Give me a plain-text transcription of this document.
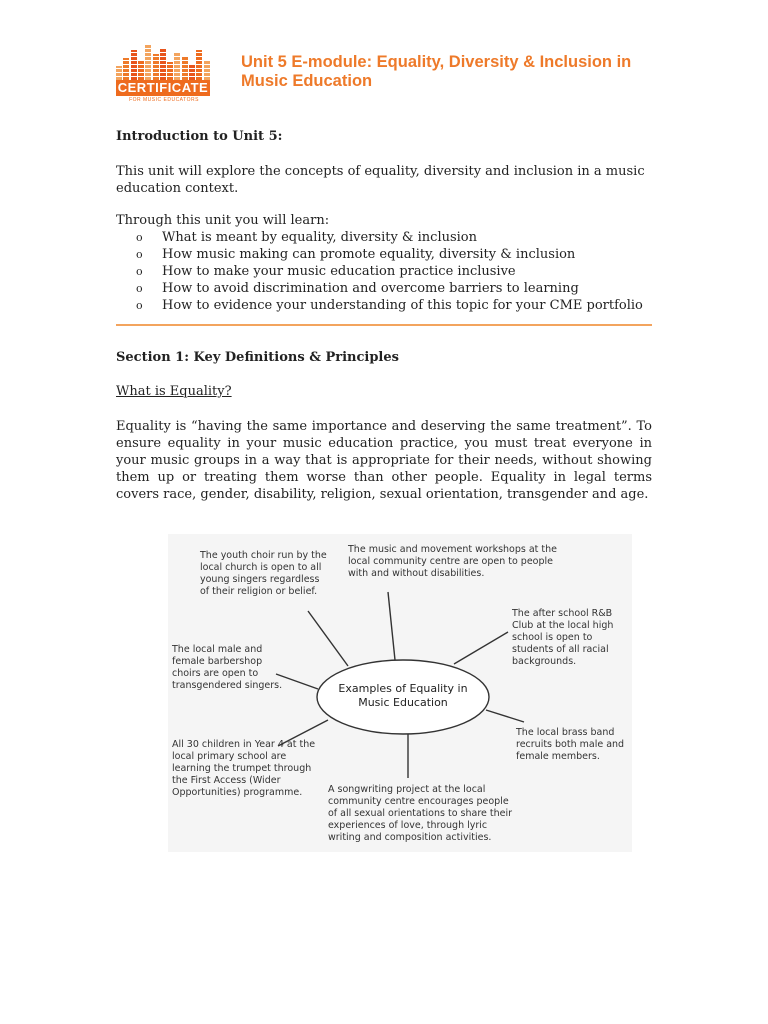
CERTIFICATE
FOR MUSIC EDUCATORS
Unit 5 E-module: Equality, Diversity & Inclusion in Music Education

Introduction to Unit 5:

This unit will explore the concepts of equality, diversity and inclusion in a music education context.

Through this unit you will learn:

o What is meant by equality, diversity & inclusion
o How music making can promote equality, diversity & inclusion
o How to make your music education practice inclusive
o How to avoid discrimination and overcome barriers to learning
o How to evidence your understanding of this topic for your CME portfolio

Section 1: Key Definitions & Principles

What is Equality?

Equality is “having the same importance and deserving the same treatment”. To ensure equality in your music education practice, you must treat everyone in your music groups in a way that is appropriate for their needs, without showing them up or treating them worse than other people. Equality in legal terms covers race, gender, disability, religion, sexual orientation, transgender and age.

Examples of Equality in Music Education

The youth choir run by the local church is open to all young singers regardless of their religion or belief.

The music and movement workshops at the local community centre are open to people with and without disabilities.

The after school R&B Club at the local high school is open to students of all racial backgrounds.

The local male and female barbershop choirs are open to transgendered singers.

The local brass band recruits both male and female members.

All 30 children in Year 4 at the local primary school are learning the trumpet through the First Access (Wider Opportunities) programme.	A songwriting project at the local community centre encourages people of all sexual orientations to share their experiences of love, through lyric writing and composition activities.
